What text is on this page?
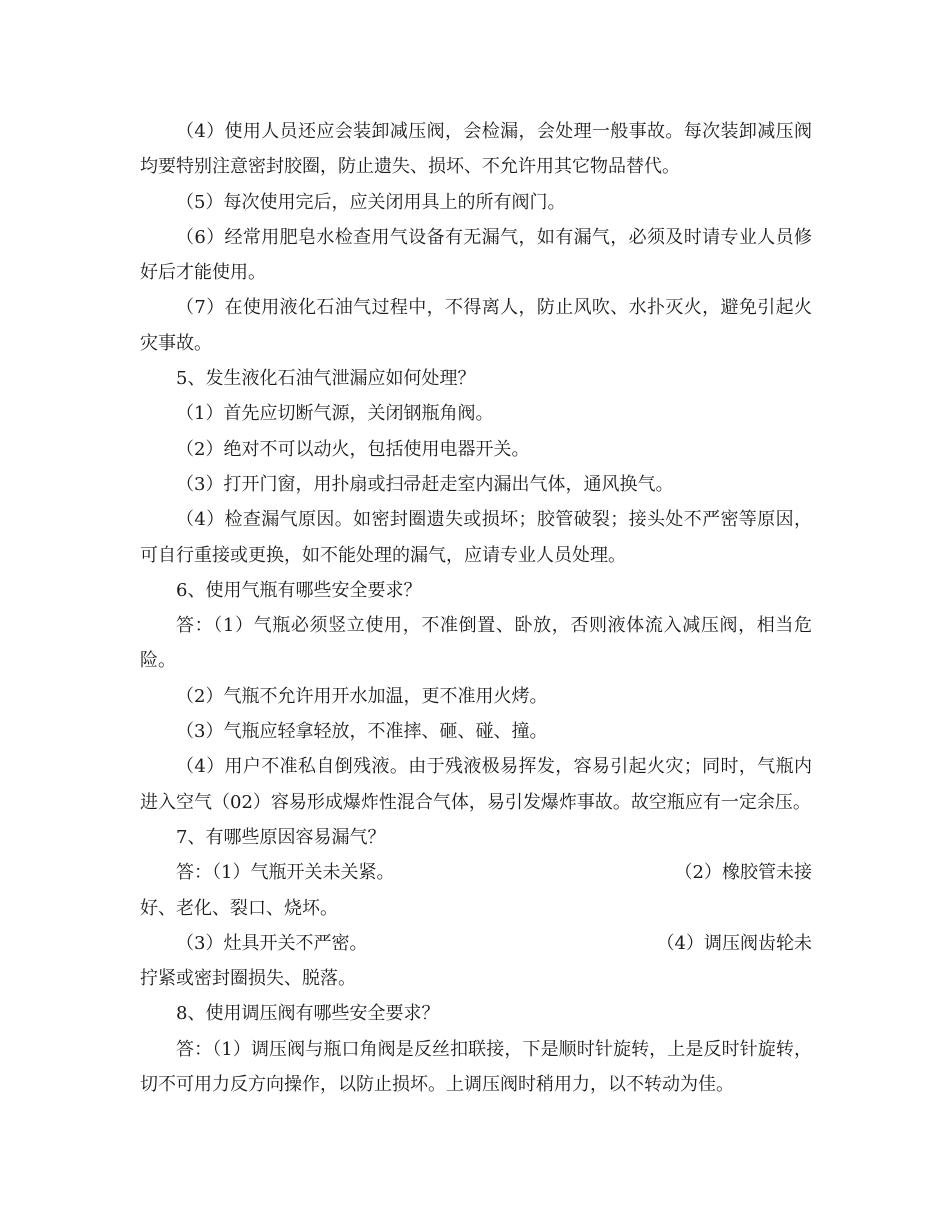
（4）使用人员还应会装卸减压阀，会检漏，会处理一般事故。每次装卸减压阀均要特别注意密封胶圈，防止遗失、损坏、不允许用其它物品替代。

（5）每次使用完后，应关闭用具上的所有阀门。

（6）经常用肥皂水检查用气设备有无漏气，如有漏气，必须及时请专业人员修好后才能使用。

（7）在使用液化石油气过程中，不得离人，防止风吹、水扑灭火，避免引起火灾事故。

5、发生液化石油气泄漏应如何处理？

（1）首先应切断气源，关闭钢瓶角阀。

（2）绝对不可以动火，包括使用电器开关。

（3）打开门窗，用扑扇或扫帚赶走室内漏出气体，通风换气。

（4）检查漏气原因。如密封圈遗失或损坏；胶管破裂；接头处不严密等原因，可自行重接或更换，如不能处理的漏气，应请专业人员处理。

6、使用气瓶有哪些安全要求？

答：（1）气瓶必须竖立使用，不准倒置、卧放，否则液体流入减压阀，相当危险。

（2）气瓶不允许用开水加温，更不准用火烤。

（3）气瓶应轻拿轻放，不准摔、砸、碰、撞。

（4）用户不准私自倒残液。由于残液极易挥发，容易引起火灾；同时，气瓶内进入空气（02）容易形成爆炸性混合气体，易引发爆炸事故。故空瓶应有一定余压。

7、有哪些原因容易漏气？

答：（1）气瓶开关未关紧。	（2）橡胶管未接

好、老化、裂口、烧坏。

（3）灶具开关不严密。	（4）调压阀齿轮未

拧紧或密封圈损失、脱落。

8、使用调压阀有哪些安全要求？

答：（1）调压阀与瓶口角阀是反丝扣联接，下是顺时针旋转，上是反时针旋转，切不可用力反方向操作，以防止损坏。上调压阀时稍用力，以不转动为佳。
